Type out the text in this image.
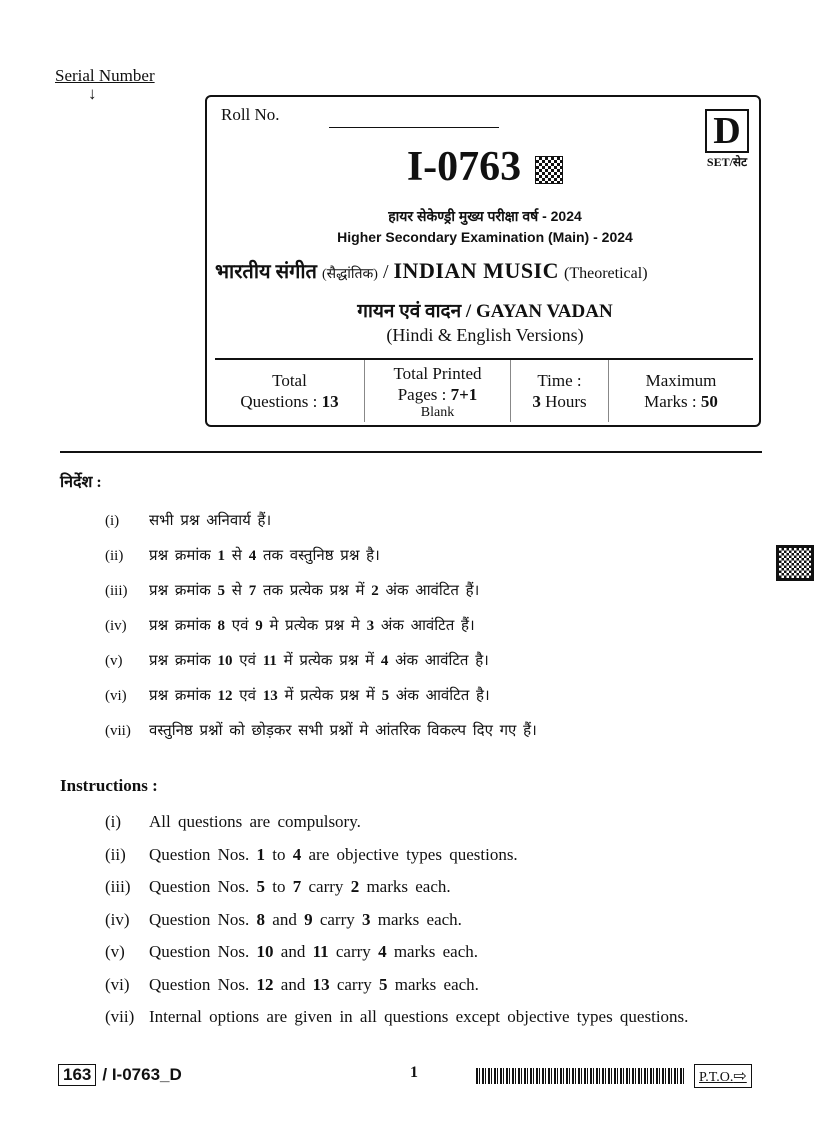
Serial Number
↓
Roll No.
I-0763
D
SET/सेट
हायर सेकेण्ड्री मुख्य परीक्षा वर्ष - 2024
Higher Secondary Examination (Main) - 2024
भारतीय संगीत (सैद्धांतिक) / INDIAN MUSIC (Theoretical)
गायन एवं वादन / GAYAN VADAN
(Hindi & English Versions)
Total
Questions : 13
Total Printed
Pages : 7+1
Blank
Time :
3 Hours
Maximum
Marks : 50
निर्देश :
(i) सभी प्रश्न अनिवार्य हैं।
(ii) प्रश्न क्रमांक 1 से 4 तक वस्तुनिष्ठ प्रश्न है।
(iii) प्रश्न क्रमांक 5 से 7 तक प्रत्येक प्रश्न में 2 अंक आवंटित हैं।
(iv) प्रश्न क्रमांक 8 एवं 9 मे प्रत्येक प्रश्न मे 3 अंक आवंटित हैं।
(v) प्रश्न क्रमांक 10 एवं 11 में प्रत्येक प्रश्न में 4 अंक आवंटित है।
(vi) प्रश्न क्रमांक 12 एवं 13 में प्रत्येक प्रश्न में 5 अंक आवंटित है।
(vii) वस्तुनिष्ठ प्रश्नों को छोड़कर सभी प्रश्नों मे आंतरिक विकल्प दिए गए हैं।
Instructions :
(i) All questions are compulsory.
(ii) Question Nos. 1 to 4 are objective types questions.
(iii) Question Nos. 5 to 7 carry 2 marks each.
(iv) Question Nos. 8 and 9 carry 3 marks each.
(v) Question Nos. 10 and 11 carry 4 marks each.
(vi) Question Nos. 12 and 13 carry 5 marks each.
(vii) Internal options are given in all questions except objective types questions.
163 / I-0763_D	1	P.T.O.⇨
